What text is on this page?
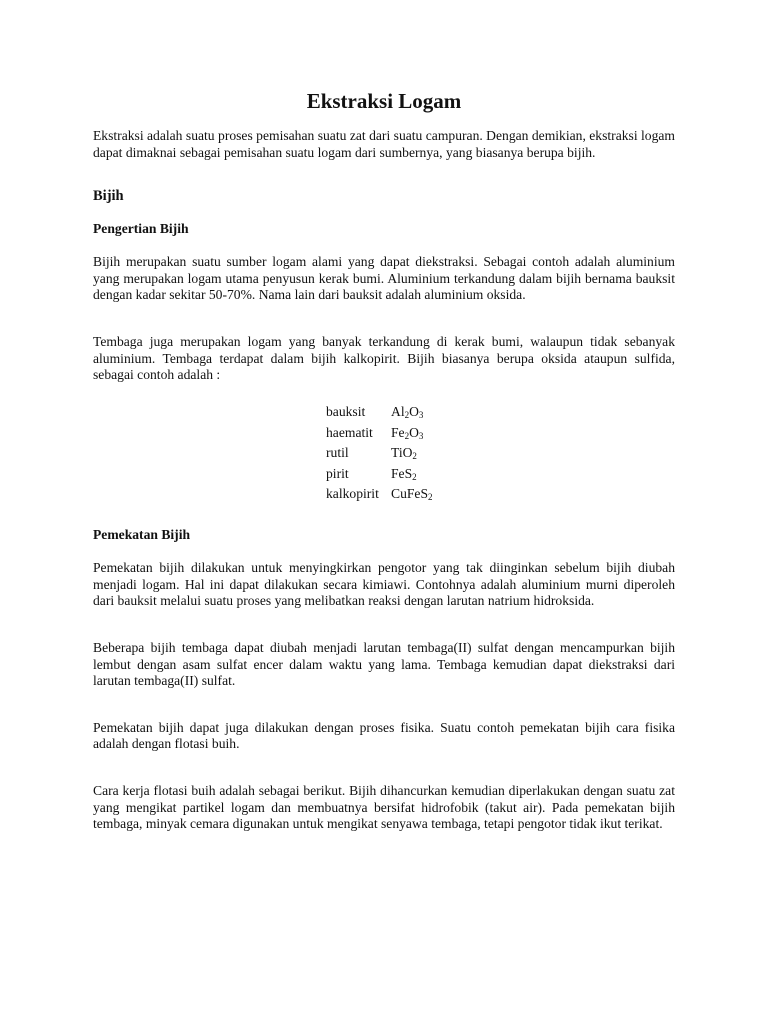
Ekstraksi Logam

Ekstraksi adalah suatu proses pemisahan suatu zat dari suatu campuran. Dengan demikian, ekstraksi logam dapat dimaknai sebagai pemisahan suatu logam dari sumbernya, yang biasanya berupa bijih.

Bijih
Pengertian Bijih

Bijih merupakan suatu sumber logam alami yang dapat diekstraksi. Sebagai contoh adalah aluminium yang merupakan logam utama penyusun kerak bumi. Aluminium terkandung dalam bijih bernama bauksit dengan kadar sekitar 50-70%. Nama lain dari bauksit adalah aluminium oksida.

Tembaga juga merupakan logam yang banyak terkandung di kerak bumi, walaupun tidak sebanyak aluminium. Tembaga terdapat dalam bijih kalkopirit. Bijih biasanya berupa oksida ataupun sulfida, sebagai contoh adalah :

bauksit	$Al_2O_3$
haematit	$Fe_2O_3$
rutil	TiO$_2$
pirit	FeS$_2$
kalkopirit	CuFeS$_2$
Pemekatan Bijih

Pemekatan bijih dilakukan untuk menyingkirkan pengotor yang tak diinginkan sebelum bijih diubah menjadi logam. Hal ini dapat dilakukan secara kimiawi. Contohnya adalah aluminium murni diperoleh dari bauksit melalui suatu proses yang melibatkan reaksi dengan larutan natrium hidroksida.

Beberapa bijih tembaga dapat diubah menjadi larutan tembaga(II) sulfat dengan mencampurkan bijih lembut dengan asam sulfat encer dalam waktu yang lama. Tembaga kemudian dapat diekstraksi dari larutan tembaga(II) sulfat.

Pemekatan bijih dapat juga dilakukan dengan proses fisika. Suatu contoh pemekatan bijih cara fisika adalah dengan flotasi buih.

Cara kerja flotasi buih adalah sebagai berikut. Bijih dihancurkan kemudian diperlakukan dengan suatu zat yang mengikat partikel logam dan membuatnya bersifat hidrofobik (takut air). Pada pemekatan bijih tembaga, minyak cemara digunakan untuk mengikat senyawa tembaga, tetapi pengotor tidak ikut terikat.
